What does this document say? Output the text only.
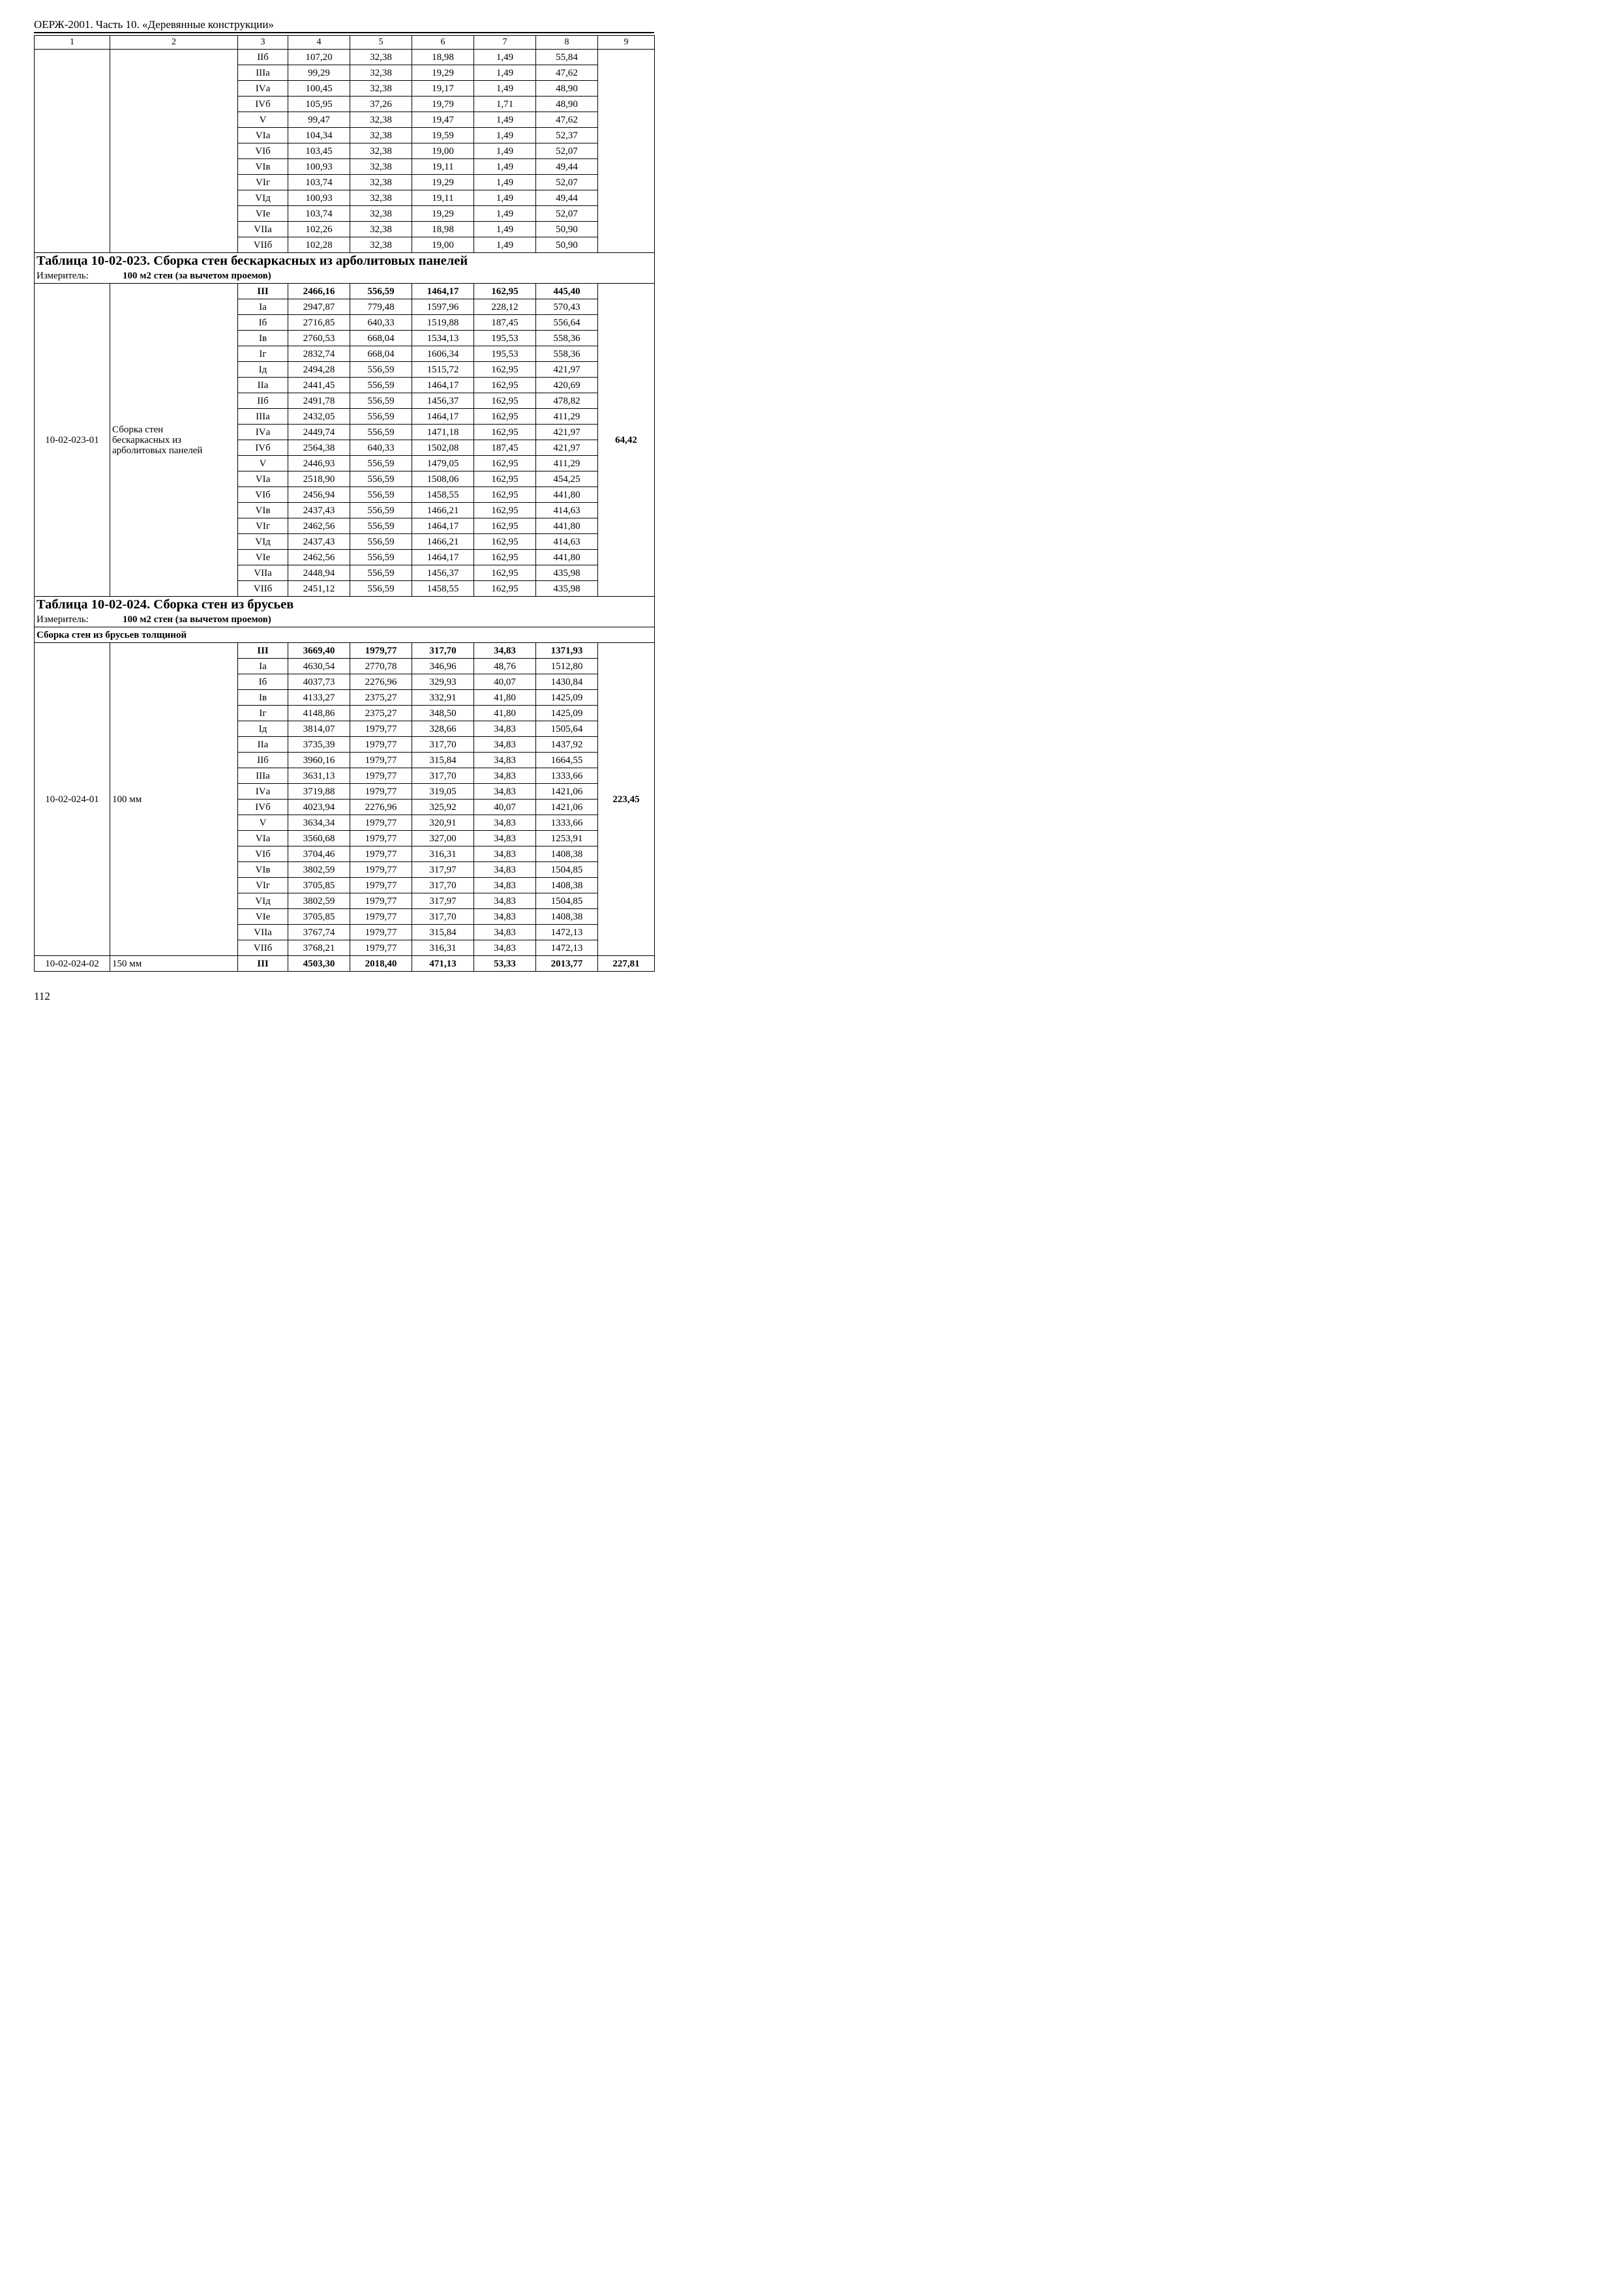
ОЕРЖ-2001. Часть 10. «Деревянные конструкции»
1	2	3	4	5	6	7	8	9
		IIб	107,20	32,38	18,98	1,49	55,84	
		IIIа	99,29	32,38	19,29	1,49	47,62	
		IVа	100,45	32,38	19,17	1,49	48,90	
		IVб	105,95	37,26	19,79	1,71	48,90	
		V	99,47	32,38	19,47	1,49	47,62	
		VIа	104,34	32,38	19,59	1,49	52,37	
		VIб	103,45	32,38	19,00	1,49	52,07	
		VIв	100,93	32,38	19,11	1,49	49,44	
		VIг	103,74	32,38	19,29	1,49	52,07	
		VIд	100,93	32,38	19,11	1,49	49,44	
		VIе	103,74	32,38	19,29	1,49	52,07	
		VIIа	102,26	32,38	18,98	1,49	50,90	
		VIIб	102,28	32,38	19,00	1,49	50,90	
Таблица 10-02-023. Сборка стен бескаркасных из арболитовых панелей								
Измеритель: 100 м2 стен (за вычетом проемов)								
10-02-023-01	Сборка стен
бескаркасных из
арболитовых панелей	III	2466,16	556,59	1464,17	162,95	445,40	64,42
		Iа	2947,87	779,48	1597,96	228,12	570,43	
		Iб	2716,85	640,33	1519,88	187,45	556,64	
		Iв	2760,53	668,04	1534,13	195,53	558,36	
		Iг	2832,74	668,04	1606,34	195,53	558,36	
		Iд	2494,28	556,59	1515,72	162,95	421,97	
		IIа	2441,45	556,59	1464,17	162,95	420,69	
		IIб	2491,78	556,59	1456,37	162,95	478,82	
		IIIа	2432,05	556,59	1464,17	162,95	411,29	
		IVа	2449,74	556,59	1471,18	162,95	421,97	
		IVб	2564,38	640,33	1502,08	187,45	421,97	
		V	2446,93	556,59	1479,05	162,95	411,29	
		VIа	2518,90	556,59	1508,06	162,95	454,25	
		VIб	2456,94	556,59	1458,55	162,95	441,80	
		VIв	2437,43	556,59	1466,21	162,95	414,63	
		VIг	2462,56	556,59	1464,17	162,95	441,80	
		VIд	2437,43	556,59	1466,21	162,95	414,63	
		VIе	2462,56	556,59	1464,17	162,95	441,80	
		VIIа	2448,94	556,59	1456,37	162,95	435,98	
		VIIб	2451,12	556,59	1458,55	162,95	435,98	
Таблица 10-02-024. Сборка стен из брусьев								
Измеритель: 100 м2 стен (за вычетом проемов)								
Сборка стен из брусьев толщиной								
10-02-024-01	100 мм	III	3669,40	1979,77	317,70	34,83	1371,93	223,45
		Iа	4630,54	2770,78	346,96	48,76	1512,80	
		Iб	4037,73	2276,96	329,93	40,07	1430,84	
		Iв	4133,27	2375,27	332,91	41,80	1425,09	
		Iг	4148,86	2375,27	348,50	41,80	1425,09	
		Iд	3814,07	1979,77	328,66	34,83	1505,64	
		IIа	3735,39	1979,77	317,70	34,83	1437,92	
		IIб	3960,16	1979,77	315,84	34,83	1664,55	
		IIIа	3631,13	1979,77	317,70	34,83	1333,66	
		IVа	3719,88	1979,77	319,05	34,83	1421,06	
		IVб	4023,94	2276,96	325,92	40,07	1421,06	
		V	3634,34	1979,77	320,91	34,83	1333,66	
		VIа	3560,68	1979,77	327,00	34,83	1253,91	
		VIб	3704,46	1979,77	316,31	34,83	1408,38	
		VIв	3802,59	1979,77	317,97	34,83	1504,85	
		VIг	3705,85	1979,77	317,70	34,83	1408,38	
		VIд	3802,59	1979,77	317,97	34,83	1504,85	
		VIе	3705,85	1979,77	317,70	34,83	1408,38	
		VIIа	3767,74	1979,77	315,84	34,83	1472,13	
		VIIб	3768,21	1979,77	316,31	34,83	1472,13	
10-02-024-02	150 мм	III	4503,30	2018,40	471,13	53,33	2013,77	227,81
112
